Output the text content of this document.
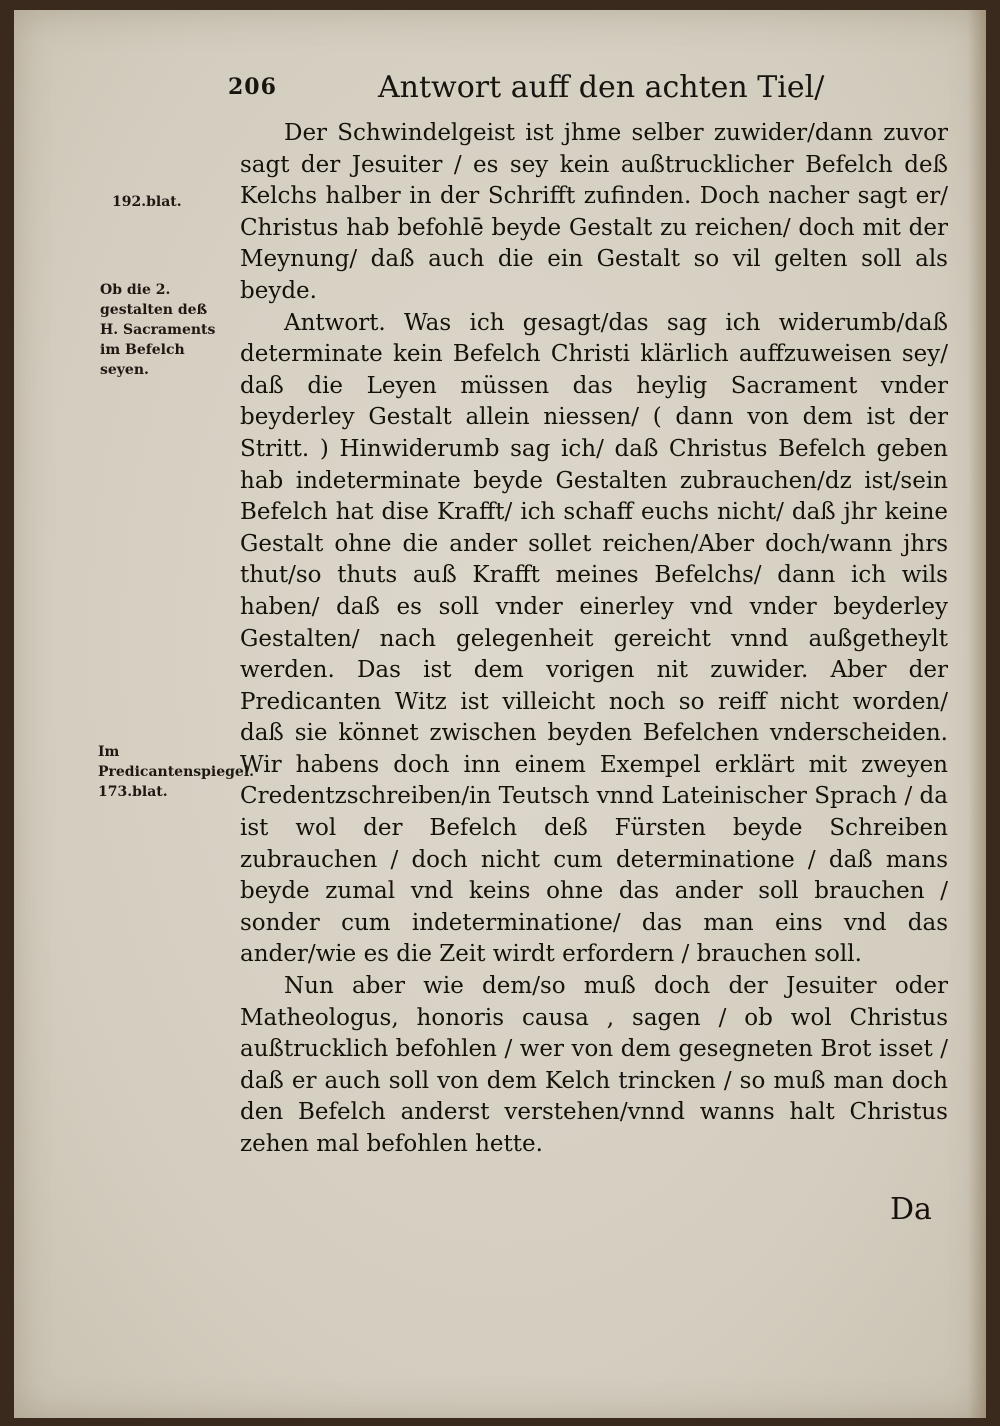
206	Antwort auff den achten Tiel/
192.blat.
Ob die 2. gestalten deß H. Sacraments im Befelch seyen.
Im Predicantenspiegel. 173.blat.

Der Schwindelgeist ist jhme selber zuwider/dann zuvor sagt der Jesuiter / es sey kein außtrucklicher Befelch deß Kelchs halber in der Schrifft zufinden. Doch nacher sagt er/ Christus hab befohlē beyde Gestalt zu reichen/ doch mit der Meynung/ daß auch die ein Gestalt so vil gelten soll als beyde.

Antwort. Was ich gesagt/das sag ich widerumb/daß determinate kein Befelch Christi klärlich auffzuweisen sey/ daß die Leyen müssen das heylig Sacrament vnder beyderley Gestalt allein niessen/ ( dann von dem ist der Stritt. ) Hinwiderumb sag ich/ daß Christus Befelch geben hab indeterminate beyde Gestalten zubrauchen/dz ist/sein Befelch hat dise Krafft/ ich schaff euchs nicht/ daß jhr keine Gestalt ohne die ander sollet reichen/Aber doch/wann jhrs thut/so thuts auß Krafft meines Befelchs/ dann ich wils haben/ daß es soll vnder einerley vnd vnder beyderley Gestalten/ nach gelegenheit gereicht vnnd außgetheylt werden. Das ist dem vorigen nit zuwider. Aber der Predicanten Witz ist villeicht noch so reiff nicht worden/ daß sie könnet zwischen beyden Befelchen vnderscheiden. Wir habens doch inn einem Exempel erklärt mit zweyen Credentzschreiben/in Teutsch vnnd Lateinischer Sprach / da ist wol der Befelch deß Fürsten beyde Schreiben zubrauchen / doch nicht cum determinatione / daß mans beyde zumal vnd keins ohne das ander soll brauchen / sonder cum indeterminatione/ das man eins vnd das ander/wie es die Zeit wirdt erfordern / brauchen soll.

Nun aber wie dem/so muß doch der Jesuiter oder Matheologus, honoris causa , sagen / ob wol Christus außtrucklich befohlen / wer von dem gesegneten Brot isset / daß er auch soll von dem Kelch trincken / so muß man doch den Befelch anderst verstehen/vnnd wanns halt Christus zehen mal befohlen hette.

Da
